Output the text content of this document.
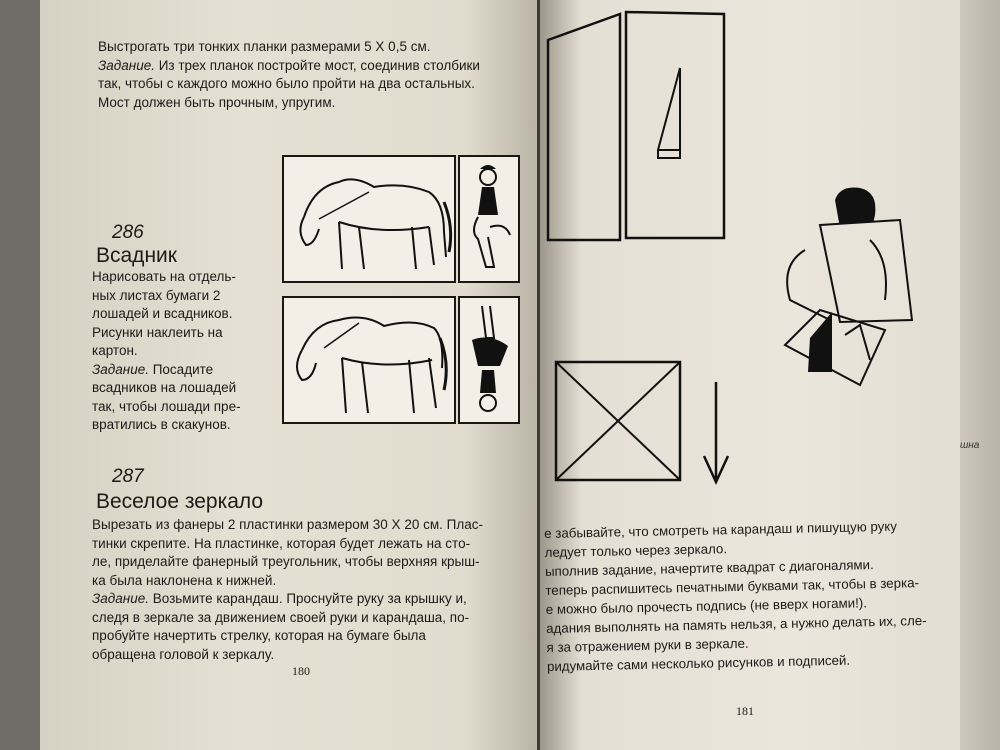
Выстрогать три тонких планки размерами 5 X 0,5 см.

Задание. Из трех планок постройте мост, соединив столбики

так, чтобы с каждого можно было пройти на два остальных.

Мост должен быть прочным, упругим.

286
Всадник

Нарисовать на отдель-

ных листах бумаги 2

лошадей и всадников.

Рисунки наклеить на

картон.

Задание. Посадите

всадников на лошадей

так, чтобы лошади пре-

вратились в скакунов.

287
Веселое зеркало

Вырезать из фанеры 2 пластинки размером 30 X 20 см. Плас-

тинки скрепите. На пластинке, которая будет лежать на сто-

ле, приделайте фанерный треугольник, чтобы верхняя крыш-

ка была наклонена к нижней.

Задание. Возьмите карандаш. Проснуйте руку за крышку и,

следя в зеркале за движением своей руки и карандаша, по-

пробуйте начертить стрелку, которая на бумаге была

обращена головой к зеркалу.

180

е забывайте, что смотреть на карандаш и пишущую руку

ледует только через зеркало.

ыполнив задание, начертите квадрат с диагоналями.

теперь распишитесь печатными буквами так, чтобы в зерка-

е можно было прочесть подпись (не вверх ногами!).

адания выполнять на память нельзя, а нужно делать их, сле-

я за отражением руки в зеркале.

ридумайте сами несколько рисунков и подписей.

181
шна
